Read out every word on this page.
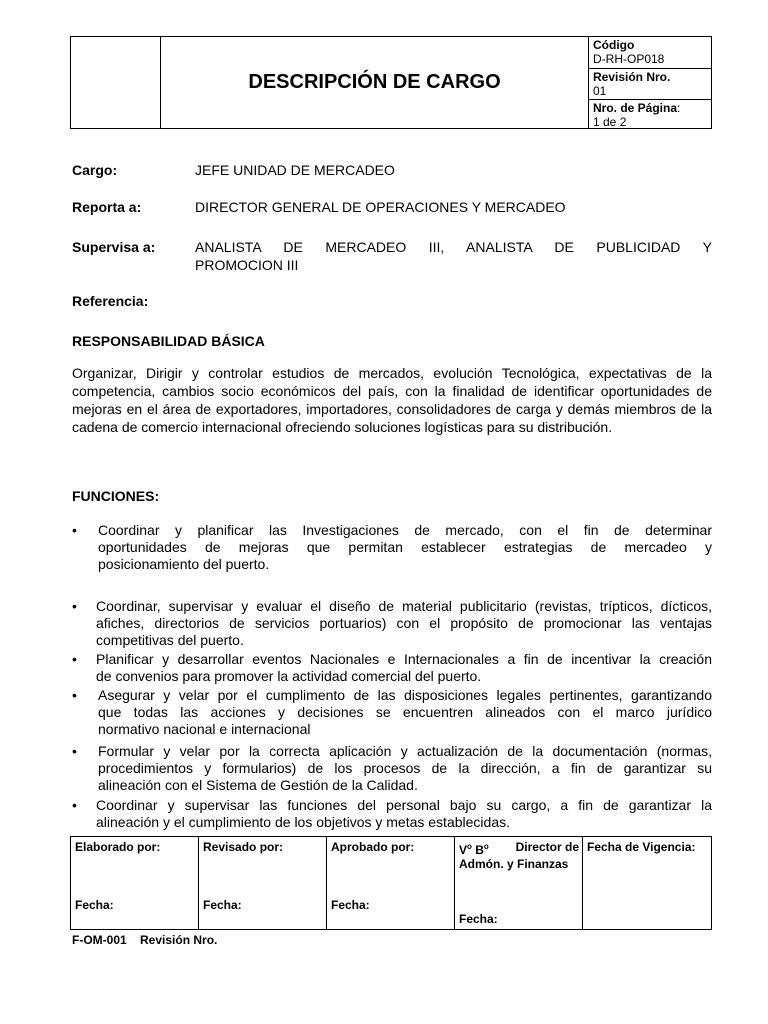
DESCRIPCIÓN DE CARGO
Código
D-RH-OP018
Revisión Nro.
01
Nro. de Página:
1 de 2
Cargo:	JEFE UNIDAD DE MERCADEO
Reporta a:	DIRECTOR GENERAL DE OPERACIONES Y MERCADEO
Supervisa a:	ANALISTA DE MERCADEO III, ANALISTA DE PUBLICIDAD Y
PROMOCION III
Referencia:
RESPONSABILIDAD BÁSICA
Organizar, Dirigir y controlar estudios de mercados, evolución Tecnológica, expectativas de la competencia, cambios socio económicos del país, con la finalidad de identificar oportunidades de mejoras en el área de exportadores, importadores, consolidadores de carga y demás miembros de la cadena de comercio internacional ofreciendo soluciones logísticas para su distribución.
FUNCIONES:
• Coordinar y planificar las Investigaciones de mercado, con el fin de determinar
oportunidades de mejoras que permitan establecer estrategias de mercadeo y
posicionamiento del puerto.
• Coordinar, supervisar y evaluar el diseño de material publicitario (revistas, trípticos, dícticos,
afiches, directorios de servicios portuarios) con el propósito de promocionar las ventajas
competitivas del puerto.
• Planificar y desarrollar eventos Nacionales e Internacionales a fin de incentivar la creación
de convenios para promover la actividad comercial del puerto.
• Asegurar y velar por el cumplimento de las disposiciones legales pertinentes, garantizando
que todas las acciones y decisiones se encuentren alineados con el marco jurídico
normativo nacional e internacional
• Formular y velar por la correcta aplicación y actualización de la documentación (normas,
procedimientos y formularios) de los procesos de la dirección, a fin de garantizar su
alineación con el Sistema de Gestión de la Calidad.
• Coordinar y supervisar las funciones del personal bajo su cargo, a fin de garantizar la
alineación y el cumplimiento de los objetivos y metas establecidas.
Elaborado por:
Fecha:
Revisado por:
Fecha:
Aprobado por:
Fecha:
$V^o$ $B^o$ Director de
Admón. y Finanzas
Fecha:
Fecha de Vigencia:
F-OM-001    Revisión Nro.
